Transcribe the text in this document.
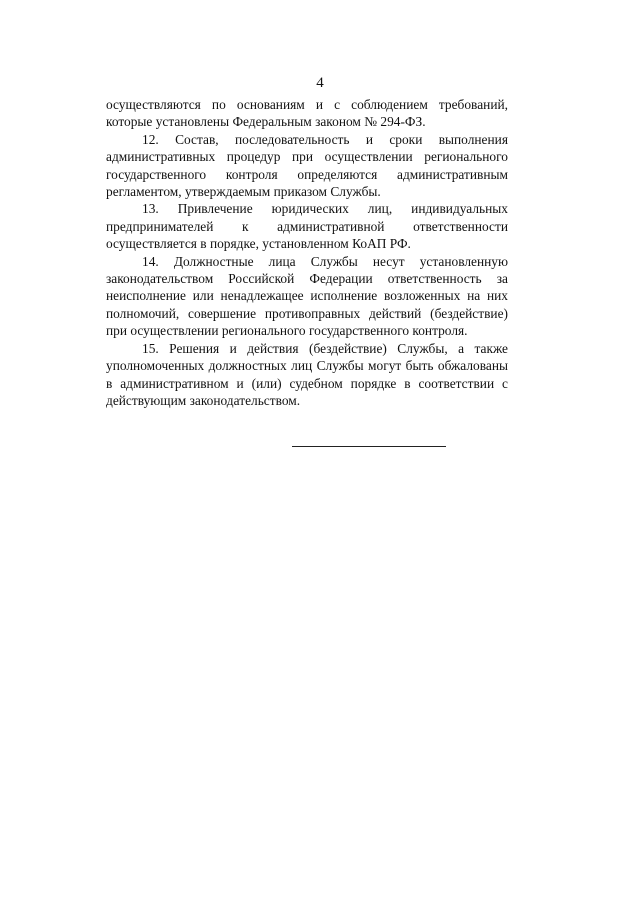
4

осуществляются по основаниям и с соблюдением требований, которые установлены Федеральным законом № 294-ФЗ.

12. Состав, последовательность и сроки выполнения административных процедур при осуществлении регионального государственного контроля определяются административным регламентом, утверждаемым приказом Службы.

13. Привлечение юридических лиц, индивидуальных предпринимателей к административной ответственности осуществляется в порядке, установленном КоАП РФ.

14. Должностные лица Службы несут установленную законодательством Российской Федерации ответственность за неисполнение или ненадлежащее исполнение возложенных на них полномочий, совершение противоправных действий (бездействие) при осуществлении регионального государственного контроля.

15. Решения и действия (бездействие) Службы, а также уполномоченных должностных лиц Службы могут быть обжалованы в административном и (или) судебном порядке в соответствии с действующим законодательством.
